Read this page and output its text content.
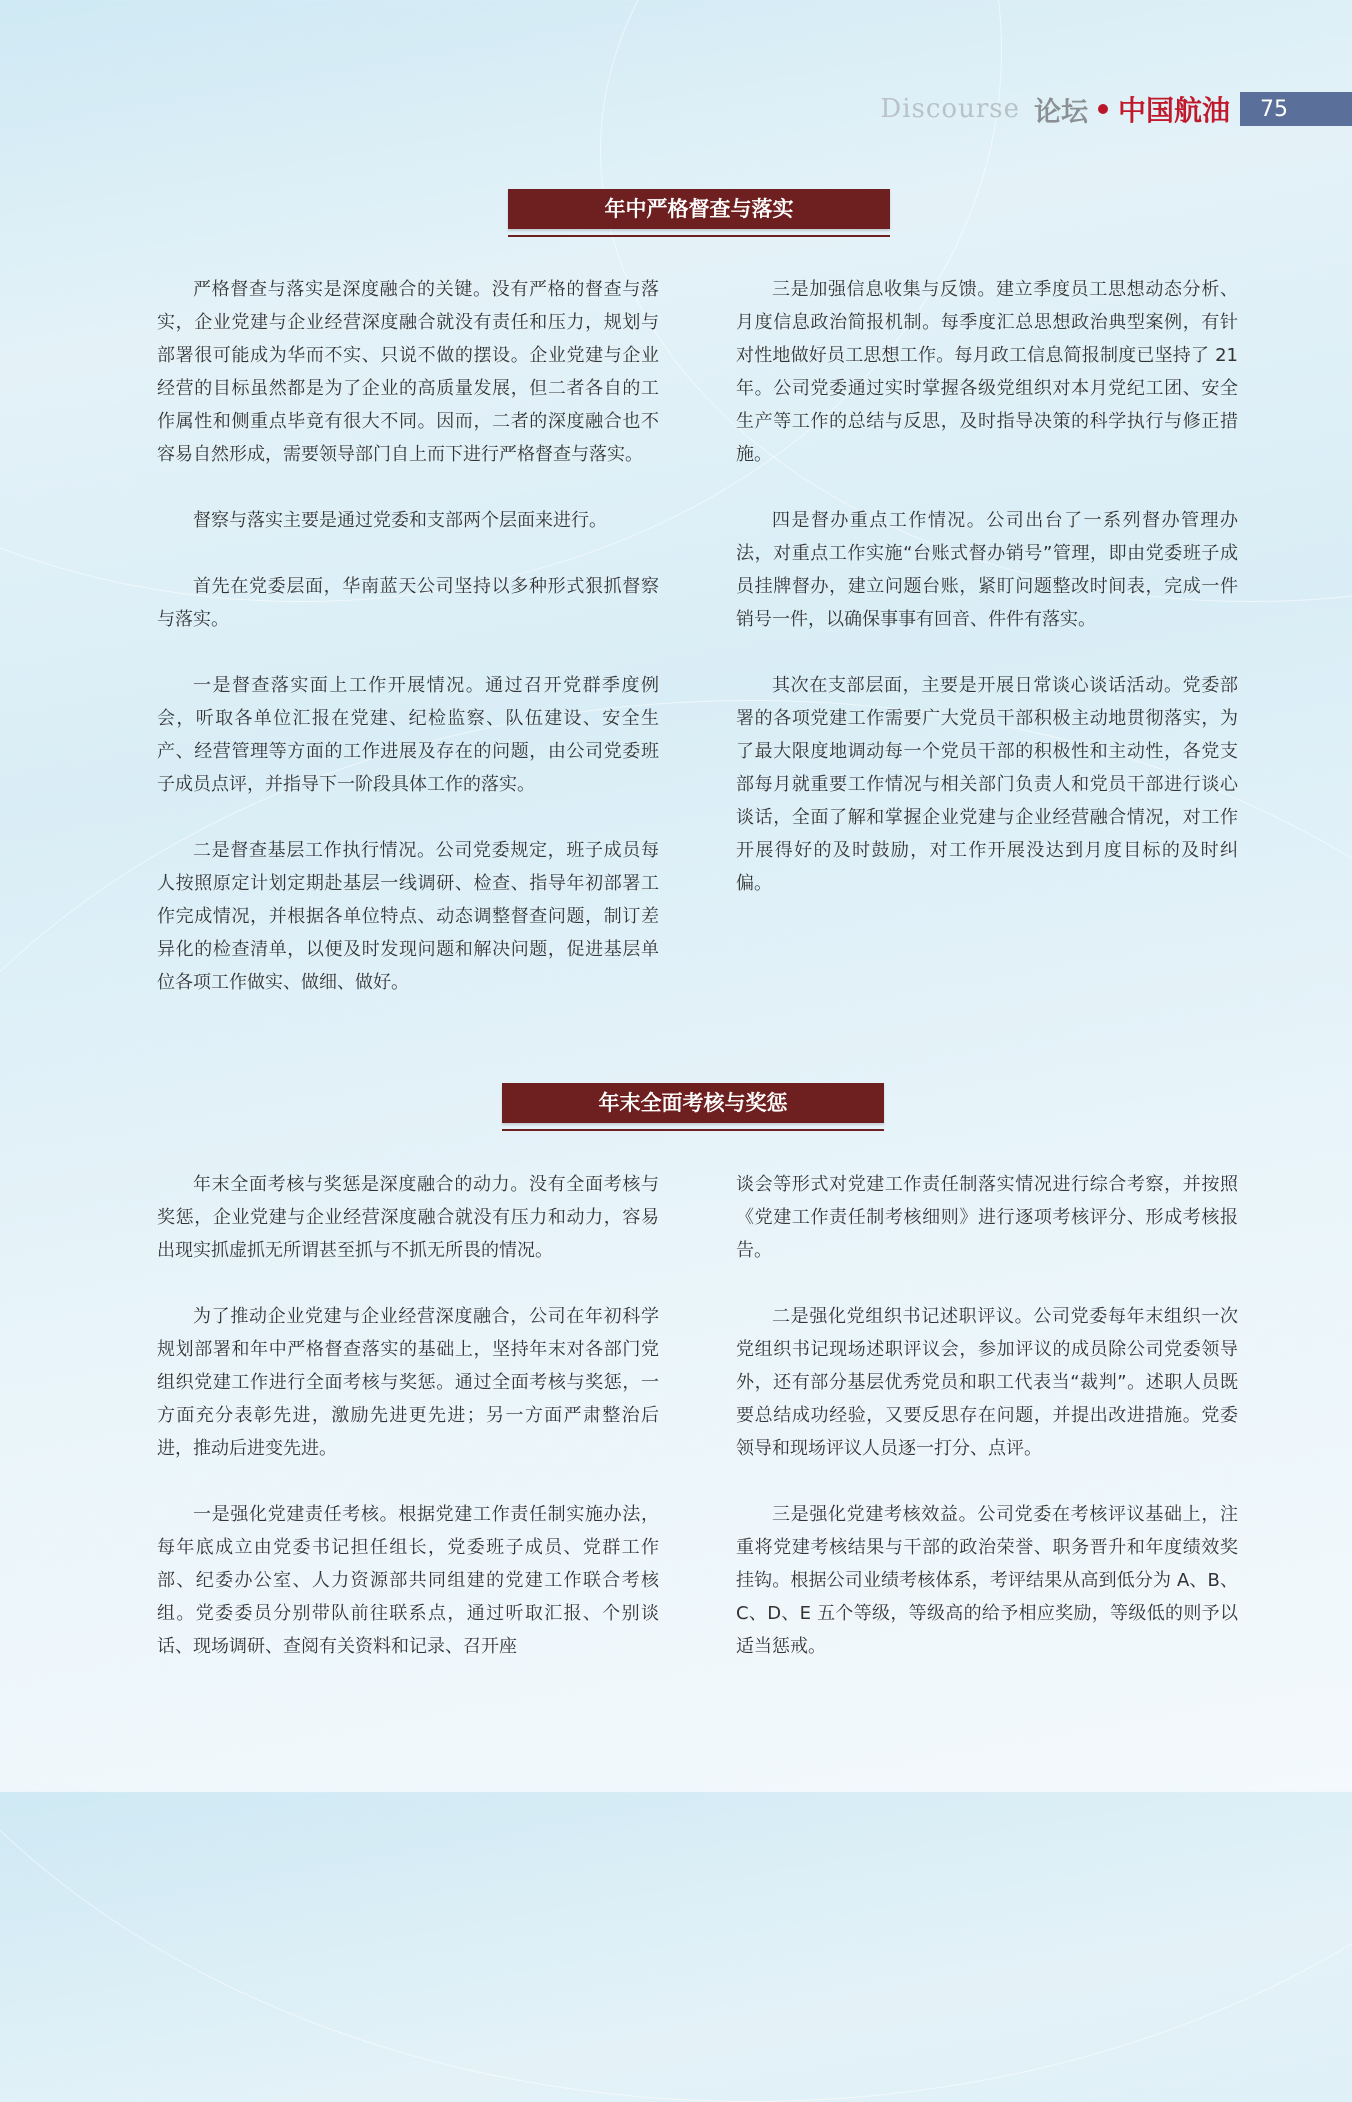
Discourse 论坛 中国航油	75
年中严格督查与落实

严格督查与落实是深度融合的关键。没有严格的督查与落实，企业党建与企业经营深度融合就没有责任和压力，规划与部署很可能成为华而不实、只说不做的摆设。企业党建与企业经营的目标虽然都是为了企业的高质量发展，但二者各自的工作属性和侧重点毕竟有很大不同。因而，二者的深度融合也不容易自然形成，需要领导部门自上而下进行严格督查与落实。

督察与落实主要是通过党委和支部两个层面来进行。

首先在党委层面，华南蓝天公司坚持以多种形式狠抓督察与落实。

一是督查落实面上工作开展情况。通过召开党群季度例会，听取各单位汇报在党建、纪检监察、队伍建设、安全生产、经营管理等方面的工作进展及存在的问题，由公司党委班子成员点评，并指导下一阶段具体工作的落实。

二是督查基层工作执行情况。公司党委规定，班子成员每人按照原定计划定期赴基层一线调研、检查、指导年初部署工作完成情况，并根据各单位特点、动态调整督查问题，制订差异化的检查清单，以便及时发现问题和解决问题，促进基层单位各项工作做实、做细、做好。

三是加强信息收集与反馈。建立季度员工思想动态分析、月度信息政治简报机制。每季度汇总思想政治典型案例，有针对性地做好员工思想工作。每月政工信息简报制度已坚持了 21 年。公司党委通过实时掌握各级党组织对本月党纪工团、安全生产等工作的总结与反思，及时指导决策的科学执行与修正措施。

四是督办重点工作情况。公司出台了一系列督办管理办法，对重点工作实施“台账式督办销号”管理，即由党委班子成员挂牌督办，建立问题台账，紧盯问题整改时间表，完成一件销号一件，以确保事事有回音、件件有落实。

其次在支部层面，主要是开展日常谈心谈话活动。党委部署的各项党建工作需要广大党员干部积极主动地贯彻落实，为了最大限度地调动每一个党员干部的积极性和主动性，各党支部每月就重要工作情况与相关部门负责人和党员干部进行谈心谈话，全面了解和掌握企业党建与企业经营融合情况，对工作开展得好的及时鼓励，对工作开展没达到月度目标的及时纠偏。

年末全面考核与奖惩

年末全面考核与奖惩是深度融合的动力。没有全面考核与奖惩，企业党建与企业经营深度融合就没有压力和动力，容易出现实抓虚抓无所谓甚至抓与不抓无所畏的情况。

为了推动企业党建与企业经营深度融合，公司在年初科学规划部署和年中严格督查落实的基础上，坚持年末对各部门党组织党建工作进行全面考核与奖惩。通过全面考核与奖惩，一方面充分表彰先进，激励先进更先进；另一方面严肃整治后进，推动后进变先进。

一是强化党建责任考核。根据党建工作责任制实施办法，每年底成立由党委书记担任组长，党委班子成员、党群工作部、纪委办公室、人力资源部共同组建的党建工作联合考核组。党委委员分别带队前往联系点，通过听取汇报、个别谈话、现场调研、查阅有关资料和记录、召开座

谈会等形式对党建工作责任制落实情况进行综合考察，并按照《党建工作责任制考核细则》进行逐项考核评分、形成考核报告。

二是强化党组织书记述职评议。公司党委每年末组织一次党组织书记现场述职评议会，参加评议的成员除公司党委领导外，还有部分基层优秀党员和职工代表当“裁判”。述职人员既要总结成功经验，又要反思存在问题，并提出改进措施。党委领导和现场评议人员逐一打分、点评。

三是强化党建考核效益。公司党委在考核评议基础上，注重将党建考核结果与干部的政治荣誉、职务晋升和年度绩效奖挂钩。根据公司业绩考核体系，考评结果从高到低分为 A、B、C、D、E 五个等级，等级高的给予相应奖励，等级低的则予以适当惩戒。
